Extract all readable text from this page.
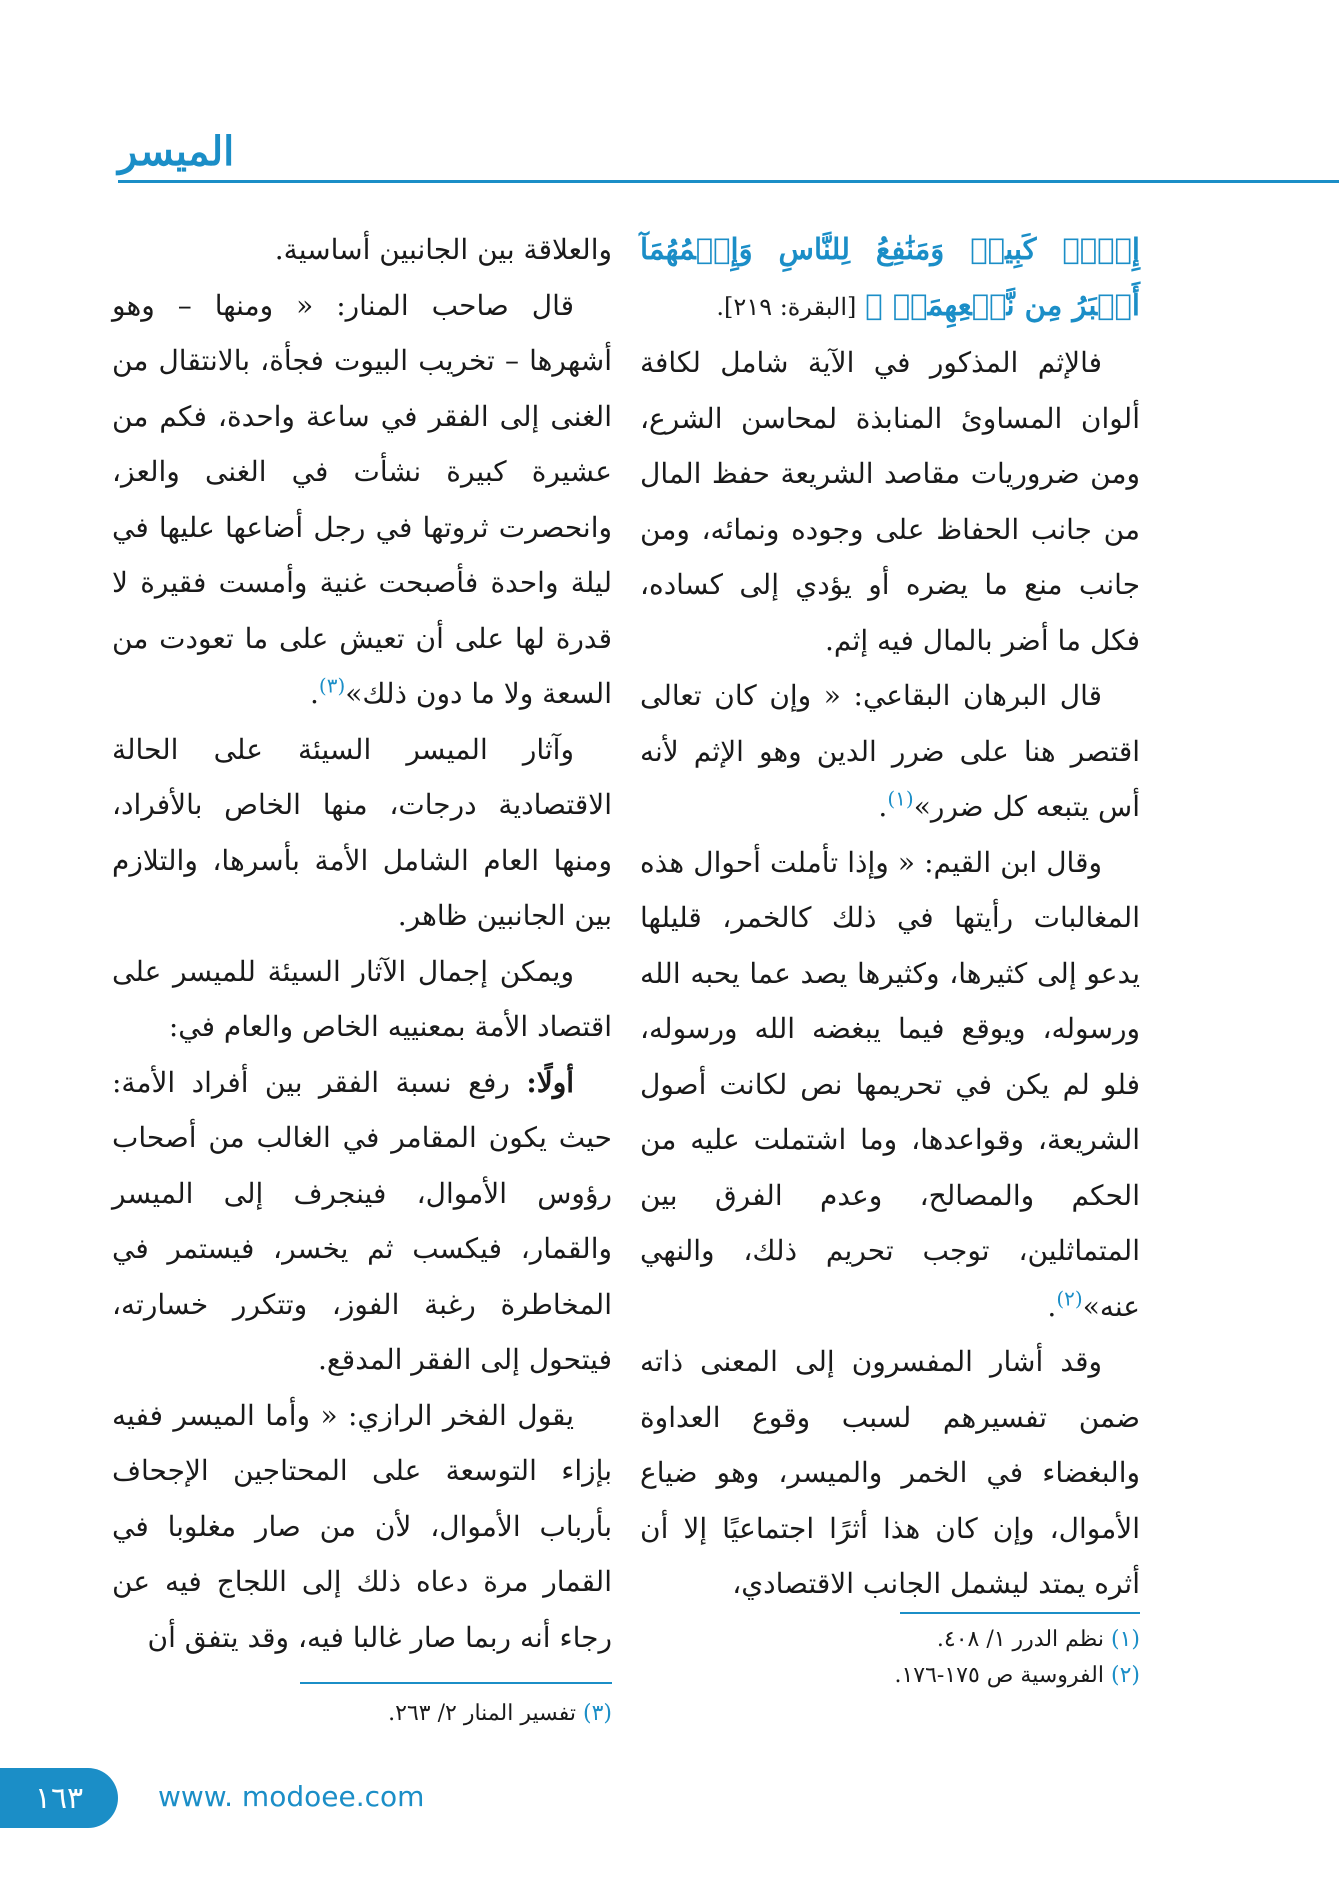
الميسر

إِثۡمٞ كَبِيرٞ وَمَنَٰفِعُ لِلنَّاسِ وَإِثۡمُهُمَآ أَكۡبَرُ مِن نَّفۡعِهِمَاۗ ﴾ [البقرة: ٢١٩].

فالإثم المذكور في الآية شامل لكافة ألوان المساوئ المنابذة لمحاسن الشرع، ومن ضروريات مقاصد الشريعة حفظ المال من جانب الحفاظ على وجوده ونمائه، ومن جانب منع ما يضره أو يؤدي إلى كساده، فكل ما أضر بالمال فيه إثم.

قال البرهان البقاعي: « وإن كان تعالى اقتصر هنا على ضرر الدين وهو الإثم لأنه أس يتبعه كل ضرر»$^{(١)}$.

وقال ابن القيم: « وإذا تأملت أحوال هذه المغالبات رأيتها في ذلك كالخمر، قليلها يدعو إلى كثيرها، وكثيرها يصد عما يحبه الله ورسوله، ويوقع فيما يبغضه الله ورسوله، فلو لم يكن في تحريمها نص لكانت أصول الشريعة، وقواعدها، وما اشتملت عليه من الحكم والمصالح، وعدم الفرق بين المتماثلين، توجب تحريم ذلك، والنهي عنه»$^{(٢)}$.

وقد أشار المفسرون إلى المعنى ذاته ضمن تفسيرهم لسبب وقوع العداوة والبغضاء في الخمر والميسر، وهو ضياع الأموال، وإن كان هذا أثرًا اجتماعيًا إلا أن أثره يمتد ليشمل الجانب الاقتصادي،

والعلاقة بين الجانبين أساسية.

قال صاحب المنار: « ومنها – وهو أشهرها – تخريب البيوت فجأة، بالانتقال من الغنى إلى الفقر في ساعة واحدة، فكم من عشيرة كبيرة نشأت في الغنى والعز، وانحصرت ثروتها في رجل أضاعها عليها في ليلة واحدة فأصبحت غنية وأمست فقيرة لا قدرة لها على أن تعيش على ما تعودت من السعة ولا ما دون ذلك»$^{(٣)}$.

وآثار الميسر السيئة على الحالة الاقتصادية درجات، منها الخاص بالأفراد، ومنها العام الشامل الأمة بأسرها، والتلازم بين الجانبين ظاهر.

ويمكن إجمال الآثار السيئة للميسر على اقتصاد الأمة بمعنييه الخاص والعام في:

أولًا: رفع نسبة الفقر بين أفراد الأمة: حيث يكون المقامر في الغالب من أصحاب رؤوس الأموال، فينجرف إلى الميسر والقمار، فيكسب ثم يخسر، فيستمر في المخاطرة رغبة الفوز، وتتكرر خسارته، فيتحول إلى الفقر المدقع.

يقول الفخر الرازي: « وأما الميسر ففيه بإزاء التوسعة على المحتاجين الإجحاف بأرباب الأموال، لأن من صار مغلوبا في القمار مرة دعاه ذلك إلى اللجاج فيه عن رجاء أنه ربما صار غالبا فيه، وقد يتفق أن	(١) نظم الدرر ١/ ٤٠٨.
(٢) الفروسية ص ١٧٥-١٧٦.
(٣) تفسير المنار ٢/ ٢٦٣.
١٦٣	www. modoee.com
